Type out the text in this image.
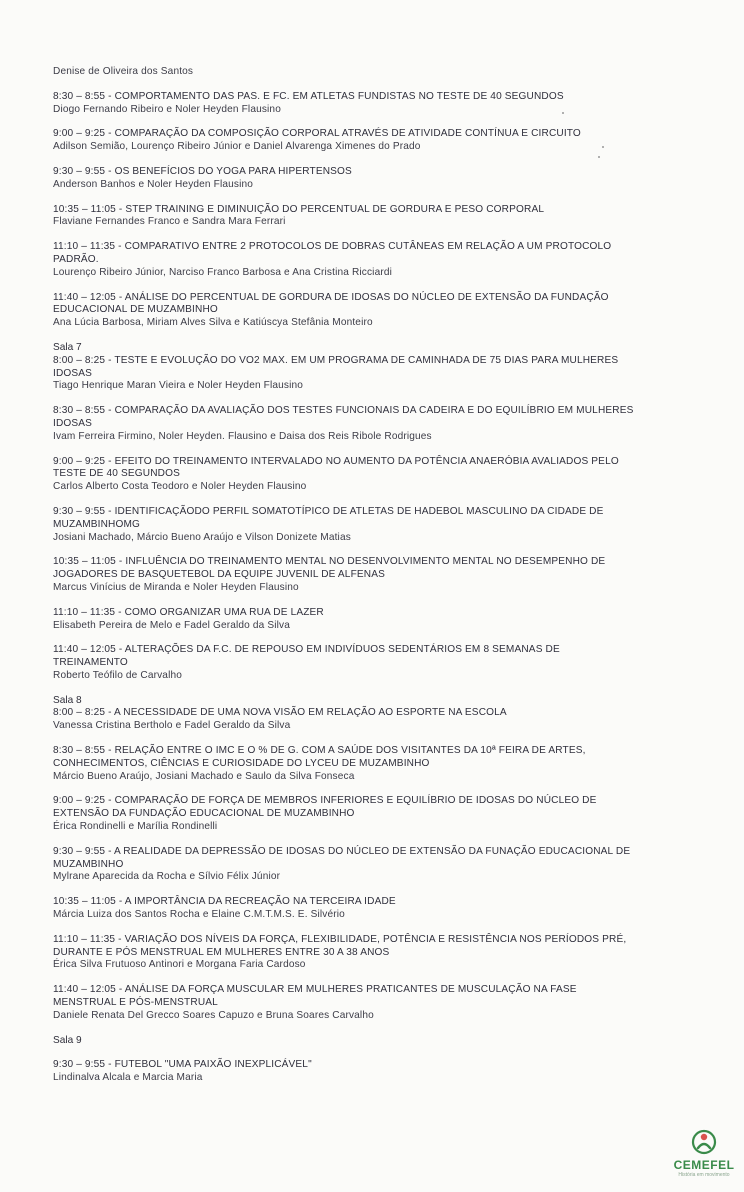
Denise de Oliveira dos Santos
8:30 – 8:55 - COMPORTAMENTO DAS PAS. E FC. EM ATLETAS FUNDISTAS NO TESTE DE 40 SEGUNDOS
Diogo Fernando Ribeiro e Noler Heyden Flausino
9:00 – 9:25 - COMPARAÇÃO DA COMPOSIÇÃO CORPORAL ATRAVÉS DE ATIVIDADE CONTÍNUA E CIRCUITO
Adilson Semião, Lourenço Ribeiro Júnior e Daniel Alvarenga Ximenes do Prado
9:30 – 9:55 - OS BENEFÍCIOS DO YOGA PARA HIPERTENSOS
Anderson Banhos e Noler Heyden Flausino
10:35 – 11:05 - STEP TRAINING E DIMINUIÇÃO DO PERCENTUAL DE GORDURA E PESO CORPORAL
Flaviane Fernandes Franco e Sandra Mara Ferrari
11:10 – 11:35 - COMPARATIVO ENTRE 2 PROTOCOLOS DE DOBRAS CUTÂNEAS EM RELAÇÃO A UM PROTOCOLO
PADRÃO.
Lourenço Ribeiro Júnior, Narciso Franco Barbosa e Ana Cristina Ricciardi
11:40 – 12:05 - ANÁLISE DO PERCENTUAL DE GORDURA DE IDOSAS DO NÚCLEO DE EXTENSÃO DA FUNDAÇÃO
EDUCACIONAL DE MUZAMBINHO
Ana Lúcia Barbosa, Miriam Alves Silva e Katiúscya Stefânia Monteiro
Sala 7
8:00 – 8:25 - TESTE E EVOLUÇÃO DO VO2 MAX. EM UM PROGRAMA DE CAMINHADA DE 75 DIAS PARA MULHERES
IDOSAS
Tiago Henrique Maran Vieira e Noler Heyden Flausino
8:30 – 8:55 - COMPARAÇÃO DA AVALIAÇÃO DOS TESTES FUNCIONAIS DA CADEIRA E DO EQUILÍBRIO EM MULHERES
IDOSAS
Ivam Ferreira Firmino, Noler Heyden. Flausino e Daisa dos Reis Ribole Rodrigues
9:00 – 9:25 - EFEITO DO TREINAMENTO INTERVALADO NO AUMENTO DA POTÊNCIA ANAERÓBIA AVALIADOS PELO
TESTE DE 40 SEGUNDOS
Carlos Alberto Costa Teodoro e Noler Heyden Flausino
9:30 – 9:55 - IDENTIFICAÇÃODO PERFIL SOMATOTÍPICO DE ATLETAS DE HADEBOL MASCULINO DA CIDADE DE
MUZAMBINHOMG
Josiani Machado, Márcio Bueno Araújo e Vilson Donizete Matias
10:35 – 11:05 - INFLUÊNCIA DO TREINAMENTO MENTAL NO DESENVOLVIMENTO MENTAL NO DESEMPENHO DE
JOGADORES DE BASQUETEBOL DA EQUIPE JUVENIL DE ALFENAS
Marcus Vinícius de Miranda e Noler Heyden Flausino
11:10 – 11:35 - COMO ORGANIZAR UMA RUA DE LAZER
Elisabeth Pereira de Melo e Fadel Geraldo da Silva
11:40 – 12:05 - ALTERAÇÕES DA F.C. DE REPOUSO EM INDIVÍDUOS SEDENTÁRIOS EM 8 SEMANAS DE
TREINAMENTO
Roberto Teófilo de Carvalho
Sala 8
8:00 – 8:25 - A NECESSIDADE DE UMA NOVA VISÃO EM RELAÇÃO AO ESPORTE NA ESCOLA
Vanessa Cristina Bertholo e Fadel Geraldo da Silva
8:30 – 8:55 - RELAÇÃO ENTRE O IMC E O % DE G. COM A SAÚDE DOS VISITANTES DA 10ª FEIRA DE ARTES,
CONHECIMENTOS, CIÊNCIAS E CURIOSIDADE DO LYCEU DE MUZAMBINHO
Márcio Bueno Araújo, Josiani Machado e Saulo da Silva Fonseca
9:00 – 9:25 - COMPARAÇÃO DE FORÇA DE MEMBROS INFERIORES E EQUILÍBRIO DE IDOSAS DO NÚCLEO DE
EXTENSÃO DA FUNDAÇÃO EDUCACIONAL DE MUZAMBINHO
Érica Rondinelli e Marília Rondinelli
9:30 – 9:55 - A REALIDADE DA DEPRESSÃO DE IDOSAS DO NÚCLEO DE EXTENSÃO DA FUNAÇÃO EDUCACIONAL DE
MUZAMBINHO
Mylrane Aparecida da Rocha e Sílvio Félix Júnior
10:35 – 11:05 - A IMPORTÂNCIA DA RECREAÇÃO NA TERCEIRA IDADE
Márcia Luiza dos Santos Rocha e Elaine C.M.T.M.S. E. Silvério
11:10 – 11:35 - VARIAÇÃO DOS NÍVEIS DA FORÇA, FLEXIBILIDADE, POTÊNCIA E RESISTÊNCIA NOS PERÍODOS PRÉ,
DURANTE E PÓS MENSTRUAL EM MULHERES ENTRE 30 A 38 ANOS
Érica Silva Frutuoso Antinori e Morgana Faria Cardoso
11:40 – 12:05 - ANÁLISE DA FORÇA MUSCULAR EM MULHERES PRATICANTES DE MUSCULAÇÃO NA FASE
MENSTRUAL E PÓS-MENSTRUAL
Daniele Renata Del Grecco Soares Capuzo e Bruna Soares Carvalho
Sala 9
9:30 – 9:55 - FUTEBOL "UMA PAIXÃO INEXPLICÁVEL"
Lindinalva Alcala e Marcia Maria
CEMEFEL
História em movimento
